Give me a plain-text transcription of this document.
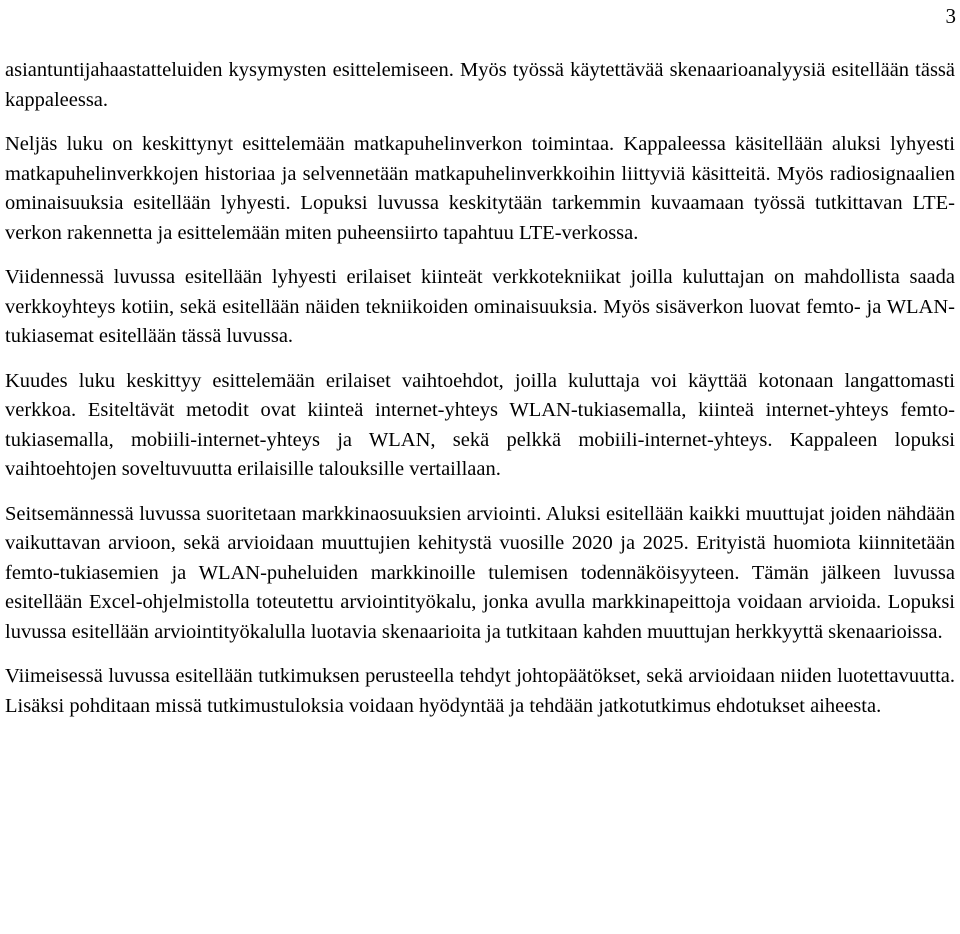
3

asiantuntijahaastatteluiden kysymysten esittelemiseen. Myös työssä käytettävää skenaarioanalyysiä esitellään tässä kappaleessa.

Neljäs luku on keskittynyt esittelemään matkapuhelinverkon toimintaa. Kappaleessa käsitellään aluksi lyhyesti matkapuhelinverkkojen historiaa ja selvennetään matkapuhelinverkkoihin liittyviä käsitteitä. Myös radiosignaalien ominaisuuksia esitellään lyhyesti. Lopuksi luvussa keskitytään tarkemmin kuvaamaan työssä tutkittavan LTE-verkon rakennetta ja esittelemään miten puheensiirto tapahtuu LTE-verkossa.

Viidennessä luvussa esitellään lyhyesti erilaiset kiinteät verkkotekniikat joilla kuluttajan on mahdollista saada verkkoyhteys kotiin, sekä esitellään näiden tekniikoiden ominaisuuksia. Myös sisäverkon luovat femto- ja WLAN- tukiasemat esitellään tässä luvussa.

Kuudes luku keskittyy esittelemään erilaiset vaihtoehdot, joilla kuluttaja voi käyttää kotonaan langattomasti verkkoa. Esiteltävät metodit ovat kiinteä internet-yhteys WLAN-tukiasemalla, kiinteä internet-yhteys femto-tukiasemalla, mobiili-internet-yhteys ja WLAN, sekä pelkkä mobiili-internet-yhteys. Kappaleen lopuksi vaihtoehtojen soveltuvuutta erilaisille talouksille vertaillaan.

Seitsemännessä luvussa suoritetaan markkinaosuuksien arviointi. Aluksi esitellään kaikki muuttujat joiden nähdään vaikuttavan arvioon, sekä arvioidaan muuttujien kehitystä vuosille 2020 ja 2025. Erityistä huomiota kiinnitetään femto-tukiasemien ja WLAN-puheluiden markkinoille tulemisen todennäköisyyteen. Tämän jälkeen luvussa esitellään Excel-ohjelmistolla toteutettu arviointityökalu, jonka avulla markkinapeittoja voidaan arvioida. Lopuksi luvussa esitellään arviointityökalulla luotavia skenaarioita ja tutkitaan kahden muuttujan herkkyyttä skenaarioissa.

Viimeisessä luvussa esitellään tutkimuksen perusteella tehdyt johtopäätökset, sekä arvioidaan niiden luotettavuutta. Lisäksi pohditaan missä tutkimustuloksia voidaan hyödyntää ja tehdään jatkotutkimus ehdotukset aiheesta.
